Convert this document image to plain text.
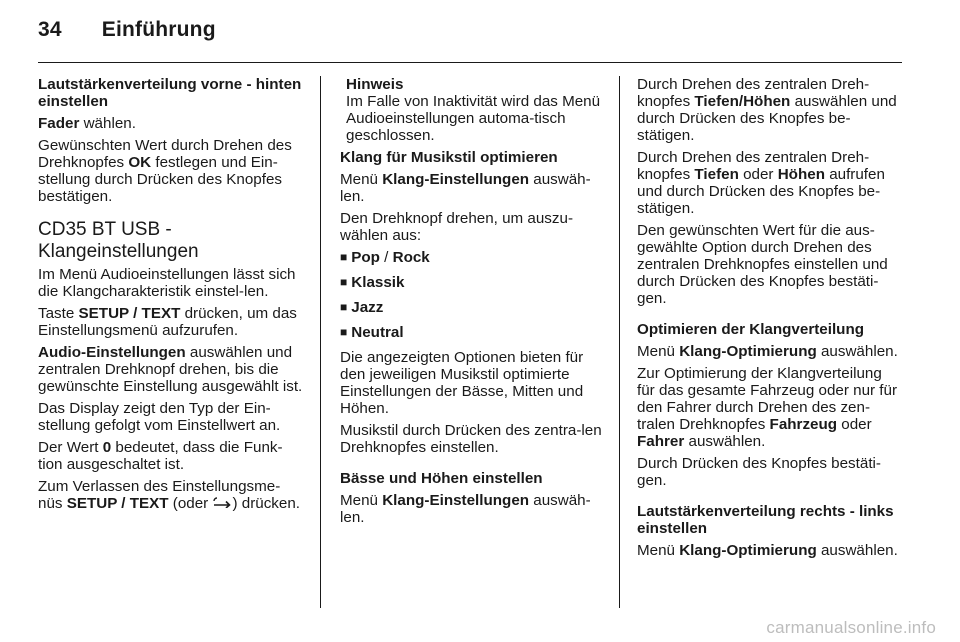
34 Einführung

Lautstärkenverteilung vorne - hinten einstellen

Fader wählen.

Gewünschten Wert durch Drehen des Drehknopfes OK festlegen und Ein-stellung durch Drücken des Knopfes bestätigen.

CD35 BT USB - Klangeinstellungen

Im Menü Audioeinstellungen lässt sich die Klangcharakteristik einstel-len.

Taste SETUP / TEXT drücken, um das Einstellungsmenü aufzurufen.

Audio-Einstellungen auswählen und zentralen Drehknopf drehen, bis die gewünschte Einstellung ausgewählt ist.

Das Display zeigt den Typ der Ein-stellung gefolgt vom Einstellwert an.

Der Wert 0 bedeutet, dass die Funk-tion ausgeschaltet ist.

Zum Verlassen des Einstellungsme-nüs SETUP / TEXT (oder ) drücken.

Hinweis

Im Falle von Inaktivität wird das Menü Audioeinstellungen automa-tisch geschlossen.

Klang für Musikstil optimieren

Menü Klang-Einstellungen auswäh-len.

Den Drehknopf drehen, um auszu-wählen aus:

■ Pop / Rock
■ Klassik
■ Jazz
■ Neutral

Die angezeigten Optionen bieten für den jeweiligen Musikstil optimierte Einstellungen der Bässe, Mitten und Höhen.

Musikstil durch Drücken des zentra-len Drehknopfes einstellen.

Bässe und Höhen einstellen

Menü Klang-Einstellungen auswäh-len.

Durch Drehen des zentralen Dreh-knopfes Tiefen/Höhen auswählen und durch Drücken des Knopfes be-stätigen.

Durch Drehen des zentralen Dreh-knopfes Tiefen oder Höhen aufrufen und durch Drücken des Knopfes be-stätigen.

Den gewünschten Wert für die aus-gewählte Option durch Drehen des zentralen Drehknopfes einstellen und durch Drücken des Knopfes bestäti-gen.

Optimieren der Klangverteilung

Menü Klang-Optimierung auswählen.

Zur Optimierung der Klangverteilung für das gesamte Fahrzeug oder nur für den Fahrer durch Drehen des zen-tralen Drehknopfes Fahrzeug oder Fahrer auswählen.

Durch Drücken des Knopfes bestäti-gen.

Lautstärkenverteilung rechts - links einstellen

Menü Klang-Optimierung auswählen.

carmanualsonline.info
